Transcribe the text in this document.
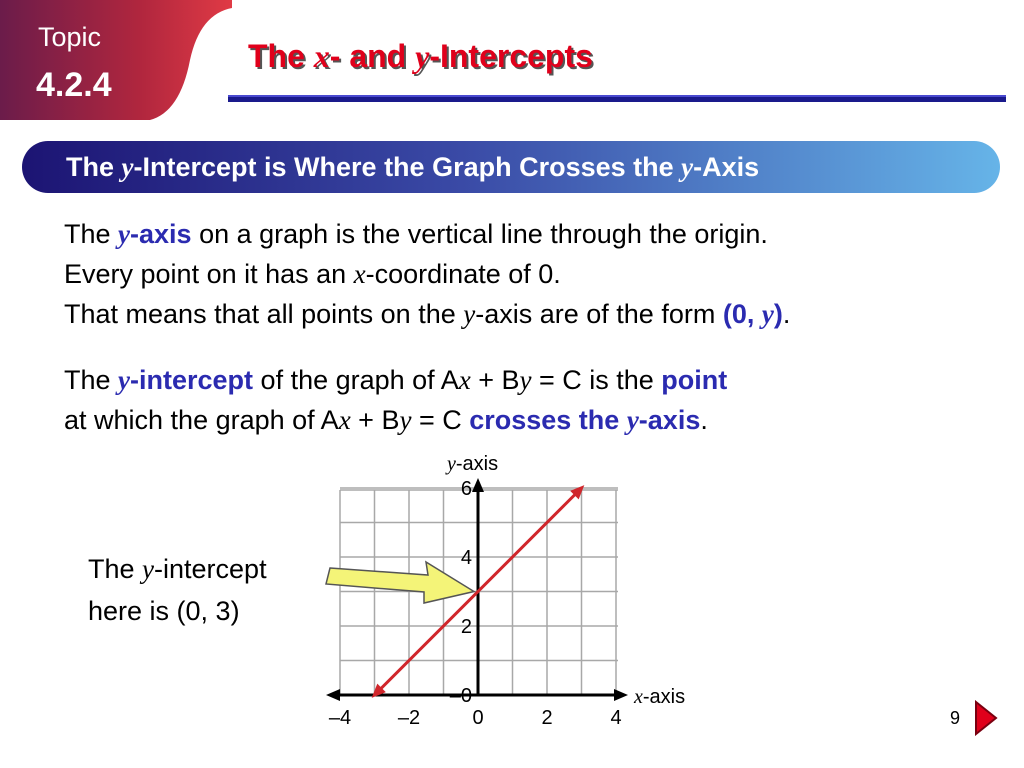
Topic
4.2.4
The x- and y-Intercepts
The
y -Intercept is Where the Graph Crosses the
y -Axis
The y-axis on a graph is the vertical line through the origin.
Every point on it has an x-coordinate of 0.
That means that all points on the y-axis are of the form (0, y).
The y-intercept of the graph of Ax + By = C is the point
at which the graph of Ax + By = C crosses the y-axis.
The y-intercept
here is (0, 3)
x-axis
y-axis
–4 –2	0	2	4
–0
2
4
6
9
